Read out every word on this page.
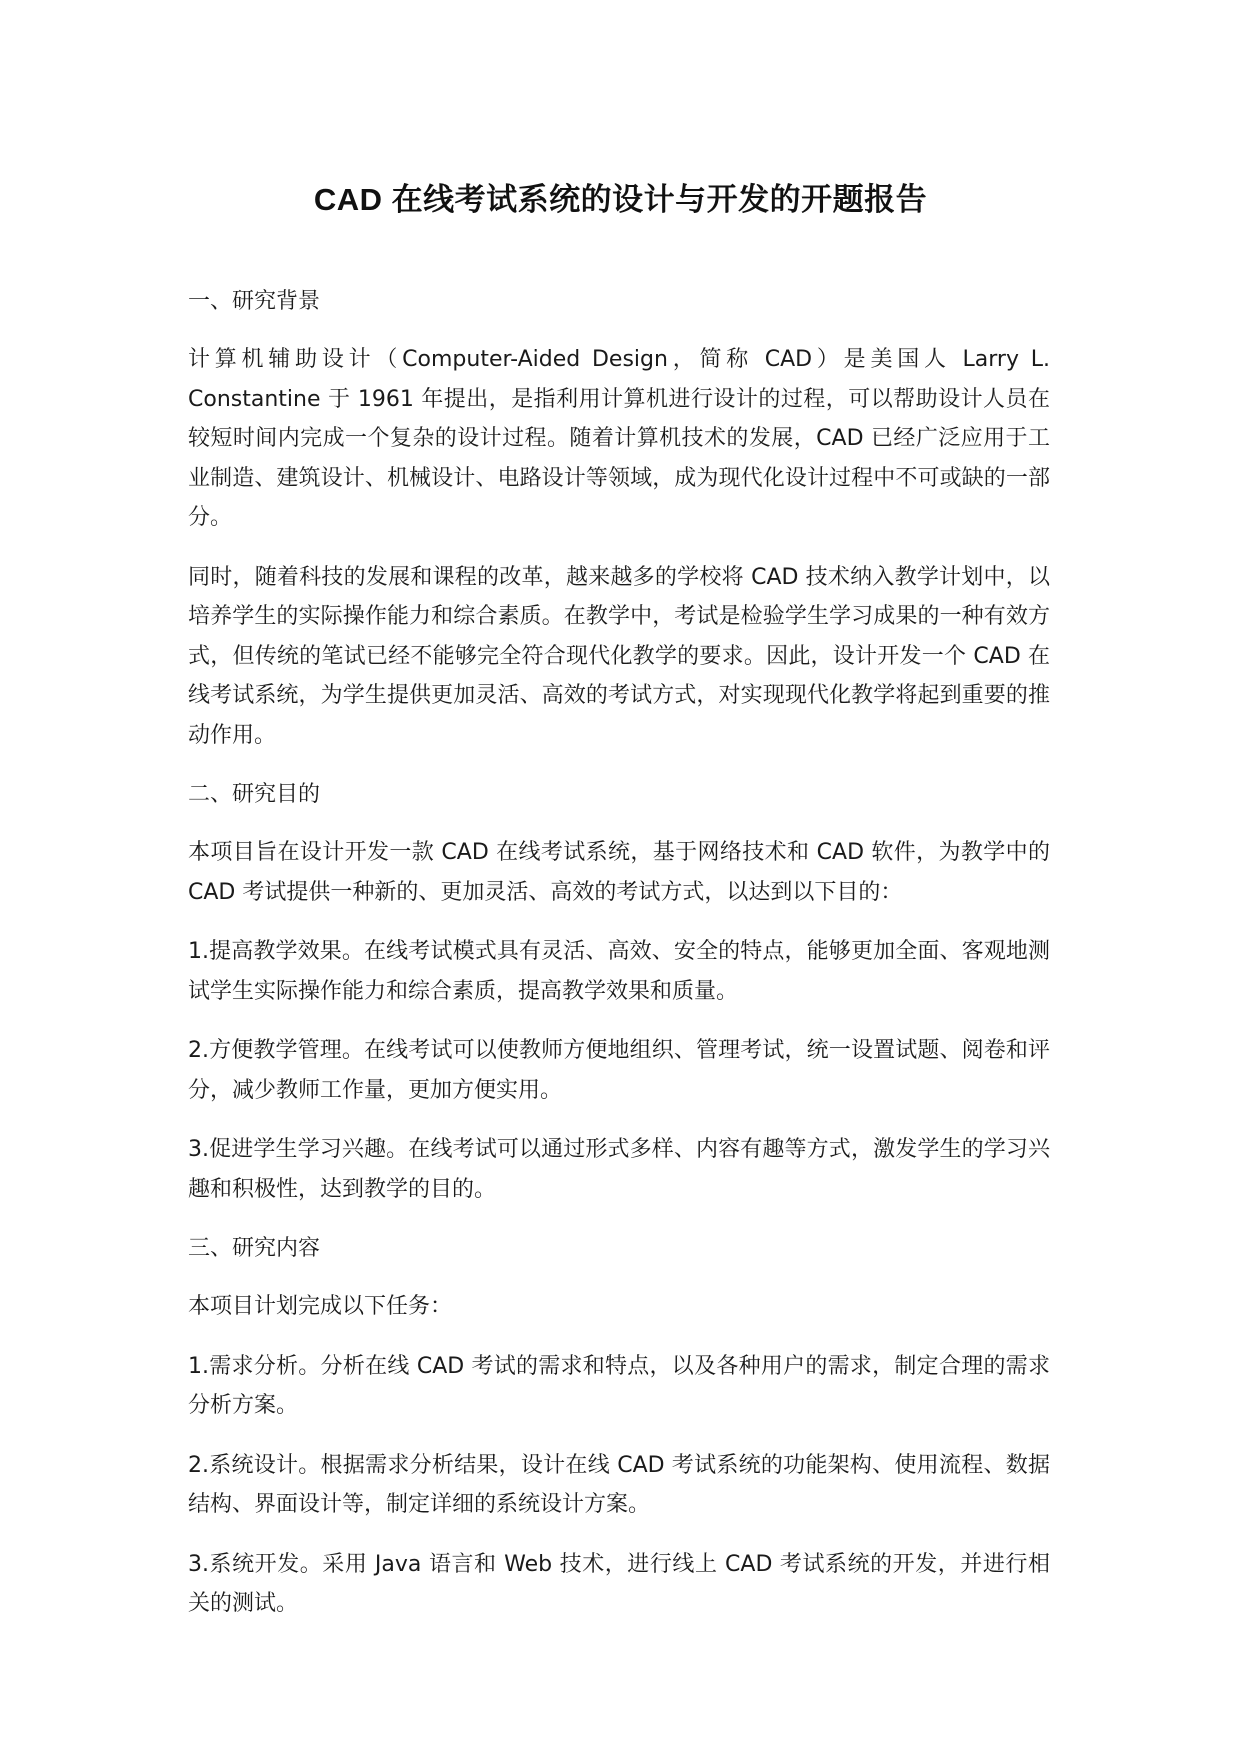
CAD 在线考试系统的设计与开发的开题报告
一、研究背景

计算机辅助设计（Computer-Aided Design，简称 CAD）是美国人 Larry L. Constantine 于 1961 年提出，是指利用计算机进行设计的过程，可以帮助设计人员在较短时间内完成一个复杂的设计过程。随着计算机技术的发展，CAD 已经广泛应用于工业制造、建筑设计、机械设计、电路设计等领域，成为现代化设计过程中不可或缺的一部分。

同时，随着科技的发展和课程的改革，越来越多的学校将 CAD 技术纳入教学计划中，以培养学生的实际操作能力和综合素质。在教学中，考试是检验学生学习成果的一种有效方式，但传统的笔试已经不能够完全符合现代化教学的要求。因此，设计开发一个 CAD 在线考试系统，为学生提供更加灵活、高效的考试方式，对实现现代化教学将起到重要的推动作用。

二、研究目的

本项目旨在设计开发一款 CAD 在线考试系统，基于网络技术和 CAD 软件，为教学中的 CAD 考试提供一种新的、更加灵活、高效的考试方式，以达到以下目的：

1.提高教学效果。在线考试模式具有灵活、高效、安全的特点，能够更加全面、客观地测试学生实际操作能力和综合素质，提高教学效果和质量。

2.方便教学管理。在线考试可以使教师方便地组织、管理考试，统一设置试题、阅卷和评分，减少教师工作量，更加方便实用。

3.促进学生学习兴趣。在线考试可以通过形式多样、内容有趣等方式，激发学生的学习兴趣和积极性，达到教学的目的。

三、研究内容

本项目计划完成以下任务：

1.需求分析。分析在线 CAD 考试的需求和特点，以及各种用户的需求，制定合理的需求分析方案。

2.系统设计。根据需求分析结果，设计在线 CAD 考试系统的功能架构、使用流程、数据结构、界面设计等，制定详细的系统设计方案。

3.系统开发。采用 Java 语言和 Web 技术，进行线上 CAD 考试系统的开发，并进行相关的测试。
